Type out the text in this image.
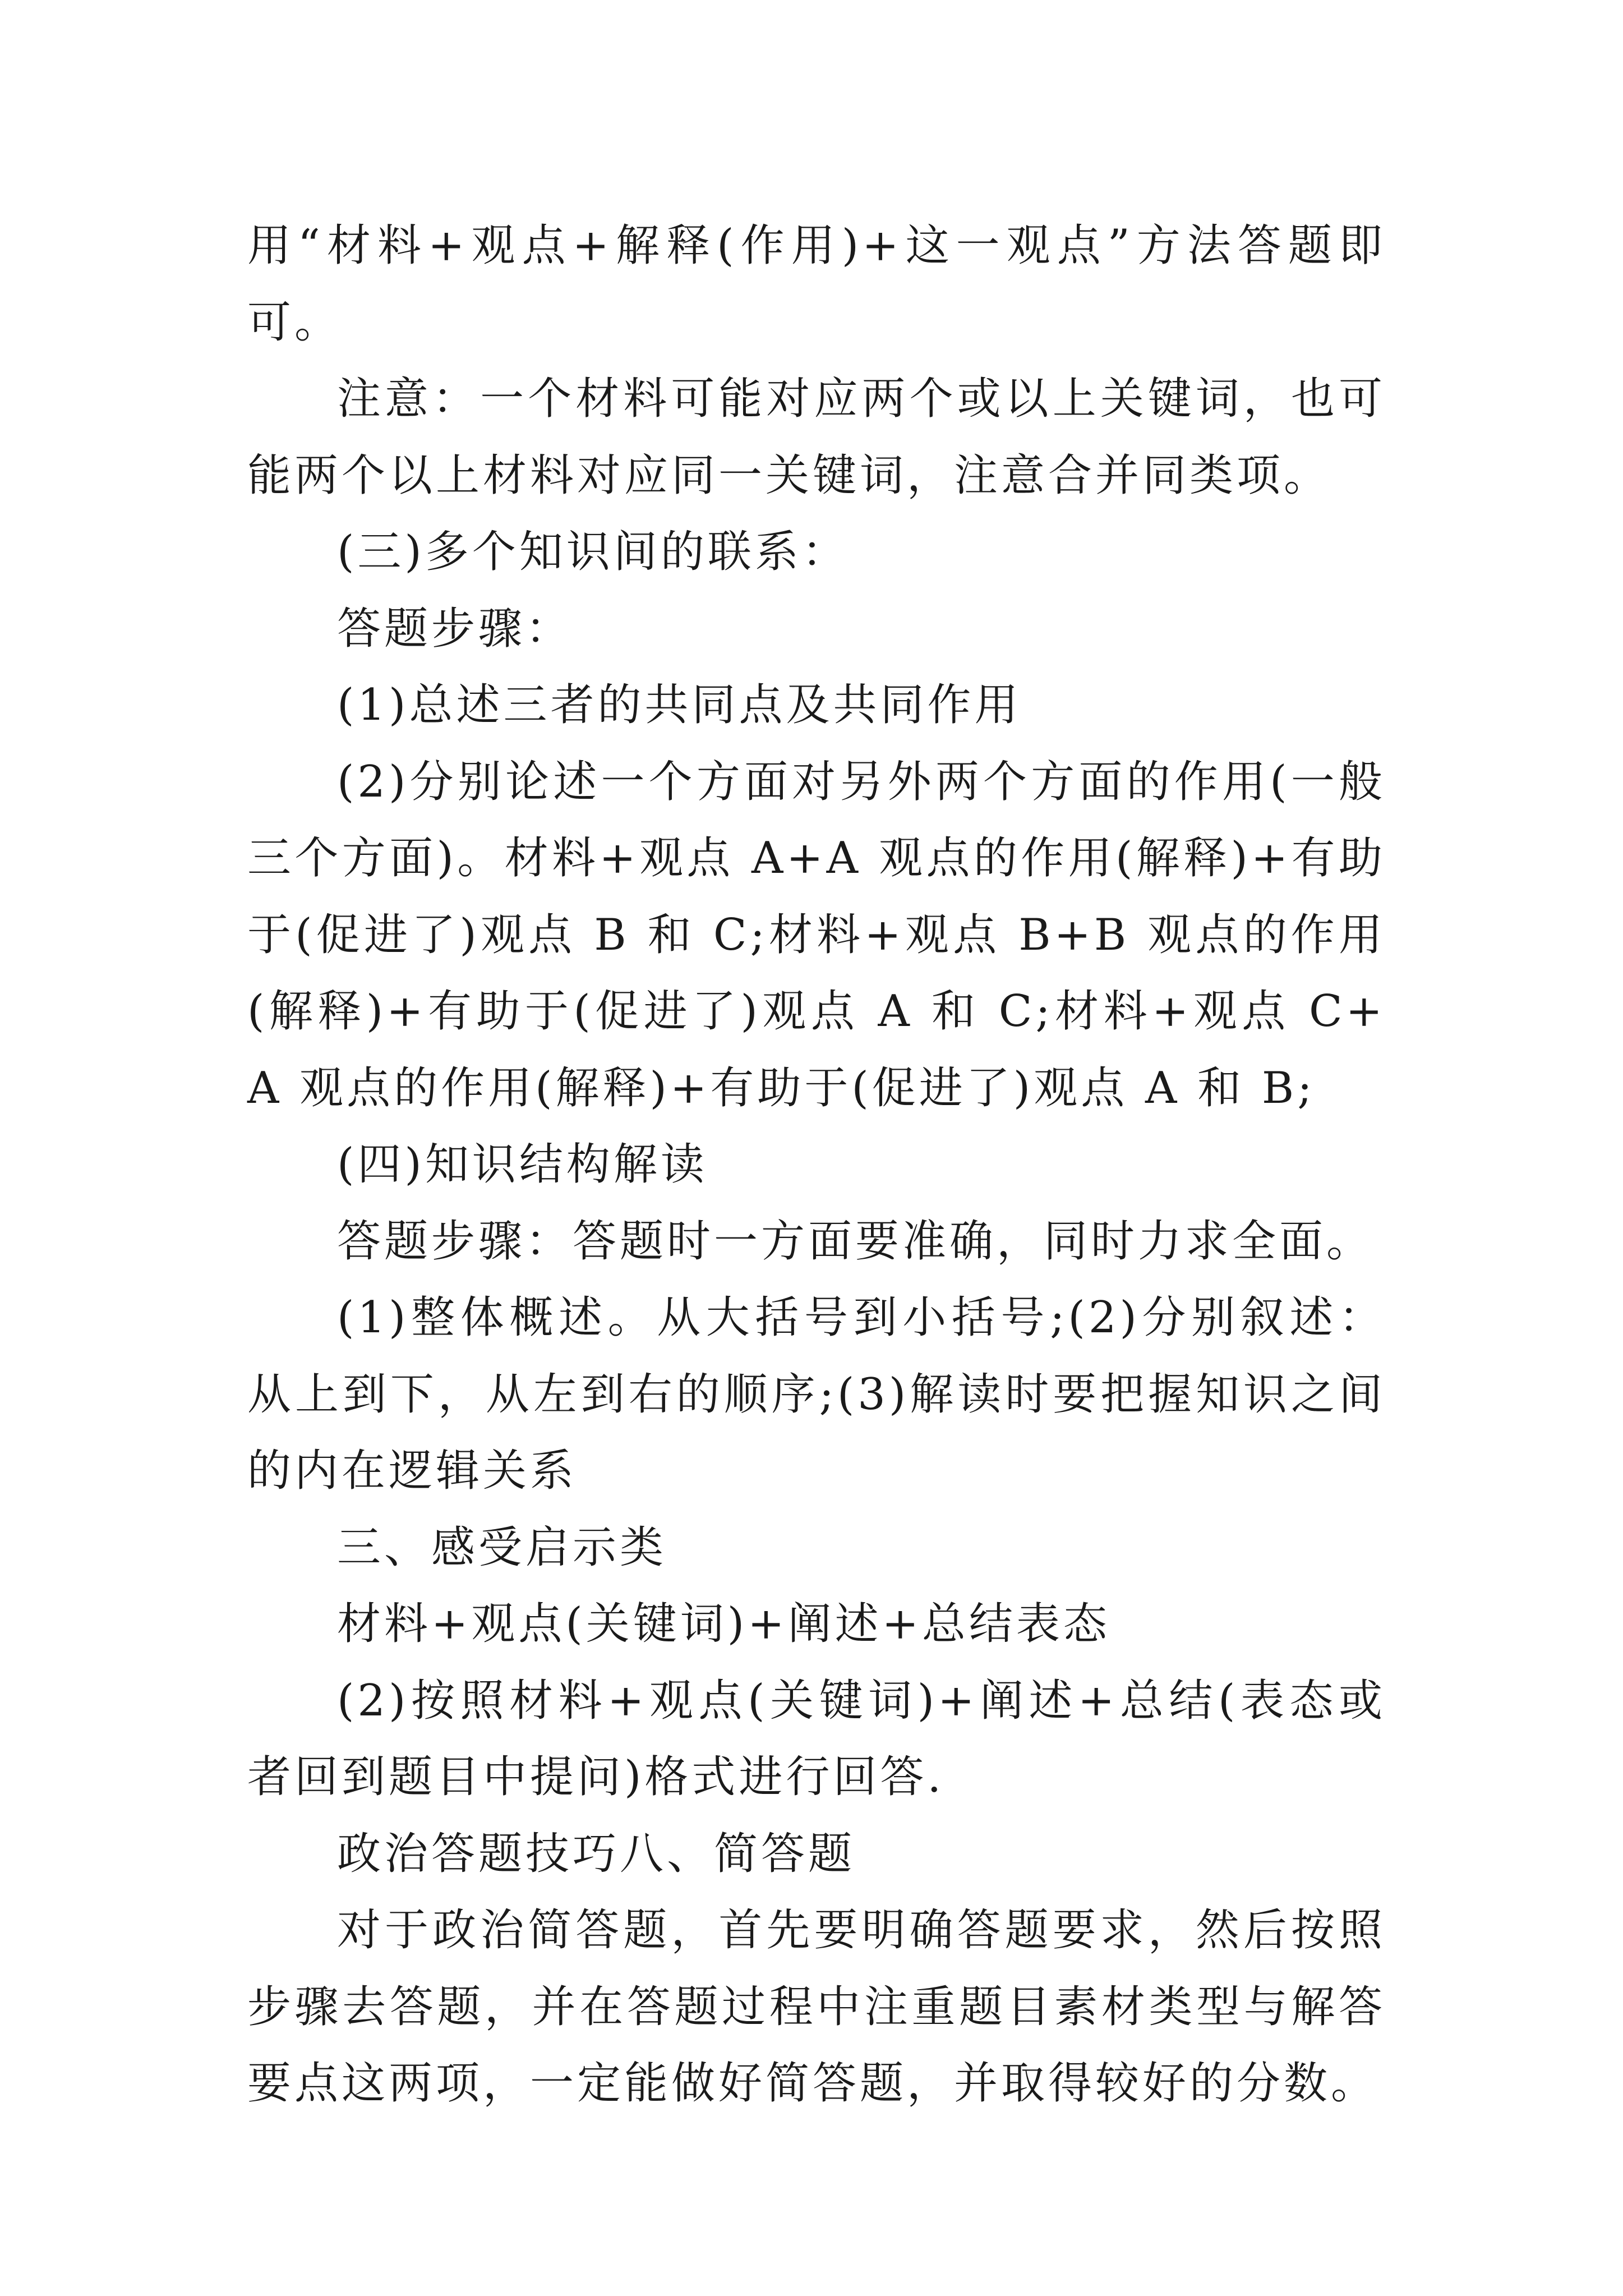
用“材料+观点+解释(作用)+这一观点”方法答题即可。

注意：一个材料可能对应两个或以上关键词，也可能两个以上材料对应同一关键词，注意合并同类项。

(三)多个知识间的联系：

答题步骤：

(1)总述三者的共同点及共同作用

(2)分别论述一个方面对另外两个方面的作用(一般三个方面)。材料+观点 A+A 观点的作用(解释)+有助于(促进了)观点 B 和 C;材料+观点 B+B 观点的作用(解释)+有助于(促进了)观点 A 和 C;材料+观点 C+A 观点的作用(解释)+有助于(促进了)观点 A 和 B;

(四)知识结构解读

答题步骤：答题时一方面要准确，同时力求全面。

(1)整体概述。从大括号到小括号;(2)分别叙述：从上到下，从左到右的顺序;(3)解读时要把握知识之间的内在逻辑关系

三、感受启示类

材料+观点(关键词)+阐述+总结表态

(2)按照材料+观点(关键词)+阐述+总结(表态或者回到题目中提问)格式进行回答.

政治答题技巧八、简答题

对于政治简答题，首先要明确答题要求，然后按照步骤去答题，并在答题过程中注重题目素材类型与解答要点这两项，一定能做好简答题，并取得较好的分数。
